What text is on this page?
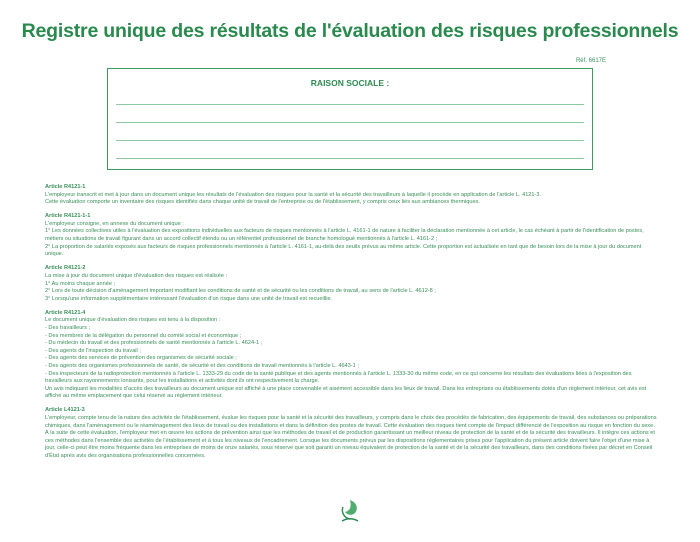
Registre unique des résultats de l'évaluation des risques professionnels
Réf. 6617E
RAISON SOCIALE :
Article R4121-1
L'employeur transcrit et met à jour dans un document unique les résultats de l'évaluation des risques pour la santé et la sécurité des travailleurs à laquelle il procède en application de l'article L. 4121-3.
Cette évaluation comporte un inventaire des risques identifiés dans chaque unité de travail de l'entreprise ou de l'établissement, y compris ceux liés aux ambiances thermiques.
Article R4121-1-1
L'employeur consigne, en annexe du document unique :
1° Les données collectives utiles à l'évaluation des expositions individuelles aux facteurs de risques mentionnés à l'article L. 4161-1 de nature à faciliter la déclaration mentionnée à cet article, le cas échéant à partir de l'identification de postes, métiers ou situations de travail figurant dans un accord collectif étendu ou un référentiel professionnel de branche homologué mentionnés à l'article L. 4161-2 ;
2° La proportion de salariés exposés aux facteurs de risques professionnels mentionnés à l'article L. 4161-1, au-delà des seuils prévus au même article. Cette proportion est actualisée en tant que de besoin lors de la mise à jour du document unique.
Article R4121-2
La mise à jour du document unique d'évaluation des risques est réalisée :
1° Au moins chaque année ;
2° Lors de toute décision d'aménagement important modifiant les conditions de santé et de sécurité ou les conditions de travail, au sens de l'article L. 4612-8 ;
3° Lorsqu'une information supplémentaire intéressant l'évaluation d'un risque dans une unité de travail est recueillie.
Article R4121-4
Le document unique d'évaluation des risques est tenu à la disposition :
- Des travailleurs ;
- Des membres de la délégation du personnel du comité social et économique ;
- Du médecin du travail et des professionnels de santé mentionnés à l'article L. 4624-1 ;
- Des agents de l'inspection du travail ;
- Des agents des services de prévention des organismes de sécurité sociale ;
- Des agents des organismes professionnels de santé, de sécurité et des conditions de travail mentionnés à l'article L. 4643-1 ;
- Des inspecteurs de la radioprotection mentionnés à l'article L. 1333-29 du code de la santé publique et des agents mentionnés à l'article L. 1333-30 du même code, en ce qui concerne les résultats des évaluations liées à l'exposition des travailleurs aux rayonnements ionisants, pour les installations et activités dont ils ont respectivement la charge.
Un avis indiquant les modalités d'accès des travailleurs au document unique est affiché à une place convenable et aisément accessible dans les lieux de travail. Dans les entreprises ou établissements dotés d'un règlement intérieur, cet avis est affiché au même emplacement que celui réservé au règlement intérieur.
Article L4121-3
L'employeur, compte tenu de la nature des activités de l'établissement, évalue les risques pour la santé et la sécurité des travailleurs, y compris dans le choix des procédés de fabrication, des équipements de travail, des substances ou préparations chimiques, dans l'aménagement ou le réaménagement des lieux de travail ou des installations et dans la définition des postes de travail. Cette évaluation des risques tient compte de l'impact différencié de l'exposition au risque en fonction du sexe. À la suite de cette évaluation, l'employeur met en œuvre les actions de prévention ainsi que les méthodes de travail et de production garantissant un meilleur niveau de protection de la santé et de la sécurité des travailleurs. Il intègre ces actions et ces méthodes dans l'ensemble des activités de l'établissement et à tous les niveaux de l'encadrement. Lorsque les documents prévus par les dispositions réglementaires prises pour l'application du présent article doivent faire l'objet d'une mise à jour, celle-ci peut être moins fréquente dans les entreprises de moins de onze salariés, sous réserve que soit garanti un niveau équivalent de protection de la santé et de la sécurité des travailleurs, dans des conditions fixées par décret en Conseil d'État après avis des organisations professionnelles concernées.
